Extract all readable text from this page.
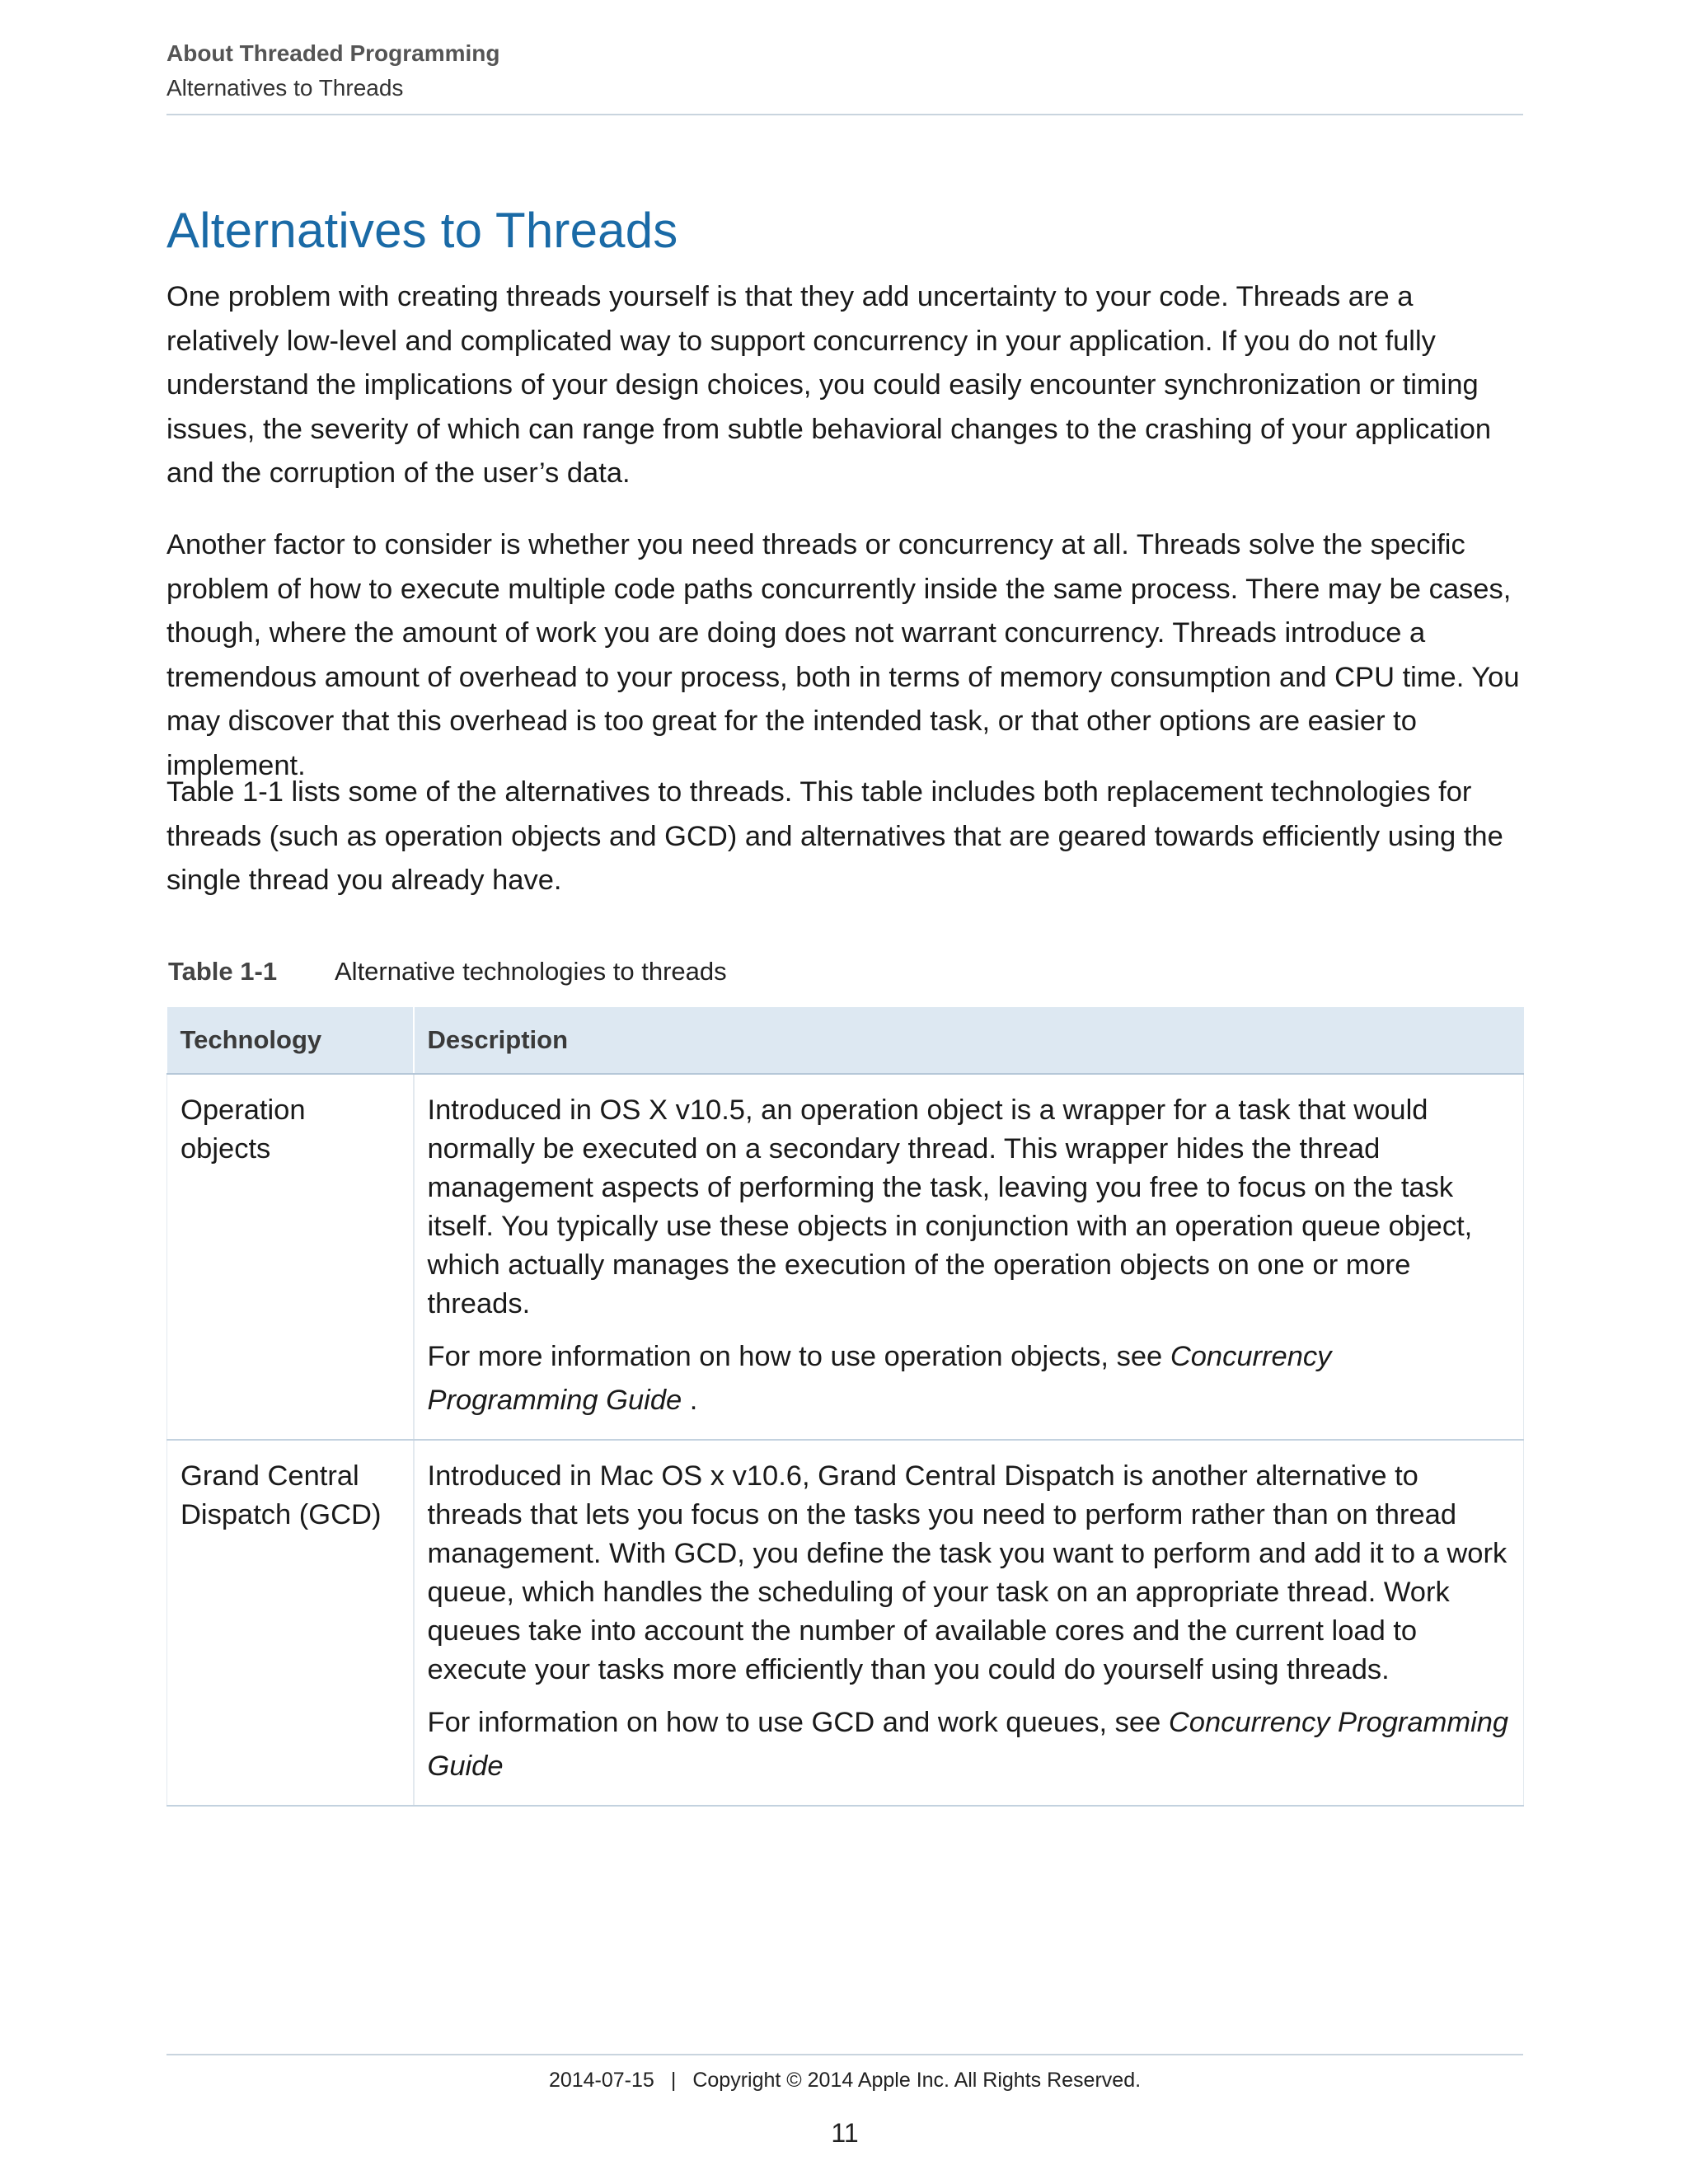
About Threaded Programming
Alternatives to Threads
Alternatives to Threads

One problem with creating threads yourself is that they add uncertainty to your code. Threads are a relatively low-level and complicated way to support concurrency in your application. If you do not fully understand the implications of your design choices, you could easily encounter synchronization or timing issues, the severity of which can range from subtle behavioral changes to the crashing of your application and the corruption of the user’s data.

Another factor to consider is whether you need threads or concurrency at all. Threads solve the specific problem of how to execute multiple code paths concurrently inside the same process. There may be cases, though, where the amount of work you are doing does not warrant concurrency. Threads introduce a tremendous amount of overhead to your process, both in terms of memory consumption and CPU time. You may discover that this overhead is too great for the intended task, or that other options are easier to implement.

Table 1-1 lists some of the alternatives to threads. This table includes both replacement technologies for threads (such as operation objects and GCD) and alternatives that are geared towards efficiently using the single thread you already have.

Table 1-1 Alternative technologies to threads
Technology	Description
Operation objects	Introduced in OS X v10.5, an operation object is a wrapper for a task that would normally be executed on a secondary thread. This wrapper hides the thread management aspects of performing the task, leaving you free to focus on the task itself. You typically use these objects in conjunction with an operation queue object, which actually manages the execution of the operation objects on one or more threads.

For more information on how to use operation objects, see Concurrency Programming Guide .

Grand Central Dispatch (GCD)	Introduced in Mac OS x v10.6, Grand Central Dispatch is another alternative to threads that lets you focus on the tasks you need to perform rather than on thread management. With GCD, you define the task you want to perform and add it to a work queue, which handles the scheduling of your task on an appropriate thread. Work queues take into account the number of available cores and the current load to execute your tasks more efficiently than you could do yourself using threads.

For information on how to use GCD and work queues, see Concurrency Programming Guide

2014-07-15 | Copyright © 2014 Apple Inc. All Rights Reserved.
11
